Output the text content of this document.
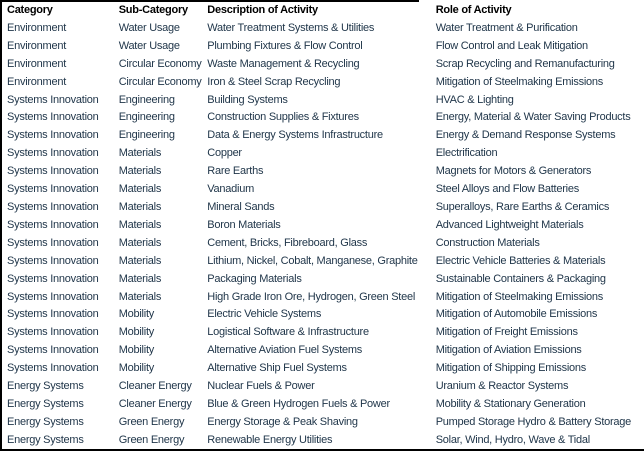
Category	Sub-Category	Description of Activity	Role of Activity
Environment	Water Usage	Water Treatment Systems & Utilities	Water Treatment & Purification
Environment	Water Usage	Plumbing Fixtures & Flow Control	Flow Control and Leak Mitigation
Environment	Circular Economy	Waste Management & Recycling	Scrap Recycling and Remanufacturing
Environment	Circular Economy	Iron & Steel Scrap Recycling	Mitigation of Steelmaking Emissions
Systems Innovation	Engineering	Building Systems	HVAC & Lighting
Systems Innovation	Engineering	Construction Supplies & Fixtures	Energy, Material & Water Saving Products
Systems Innovation	Engineering	Data & Energy Systems Infrastructure	Energy & Demand Response Systems
Systems Innovation	Materials	Copper	Electrification
Systems Innovation	Materials	Rare Earths	Magnets for Motors & Generators
Systems Innovation	Materials	Vanadium	Steel Alloys and Flow Batteries
Systems Innovation	Materials	Mineral Sands	Superalloys, Rare Earths & Ceramics
Systems Innovation	Materials	Boron Materials	Advanced Lightweight Materials
Systems Innovation	Materials	Cement, Bricks, Fibreboard, Glass	Construction Materials
Systems Innovation	Materials	Lithium, Nickel, Cobalt, Manganese, Graphite	Electric Vehicle Batteries & Materials
Systems Innovation	Materials	Packaging Materials	Sustainable Containers & Packaging
Systems Innovation	Materials	High Grade Iron Ore, Hydrogen, Green Steel	Mitigation of Steelmaking Emissions
Systems Innovation	Mobility	Electric Vehicle Systems	Mitigation of Automobile Emissions
Systems Innovation	Mobility	Logistical Software & Infrastructure	Mitigation of Freight Emissions
Systems Innovation	Mobility	Alternative Aviation Fuel Systems	Mitigation of Aviation Emissions
Systems Innovation	Mobility	Alternative Ship Fuel Systems	Mitigation of Shipping Emissions
Energy Systems	Cleaner Energy	Nuclear Fuels & Power	Uranium & Reactor Systems
Energy Systems	Cleaner Energy	Blue & Green Hydrogen Fuels & Power	Mobility & Stationary Generation
Energy Systems	Green Energy	Energy Storage & Peak Shaving	Pumped Storage Hydro & Battery Storage
Energy Systems	Green Energy	Renewable Energy Utilities	Solar, Wind, Hydro, Wave & Tidal
